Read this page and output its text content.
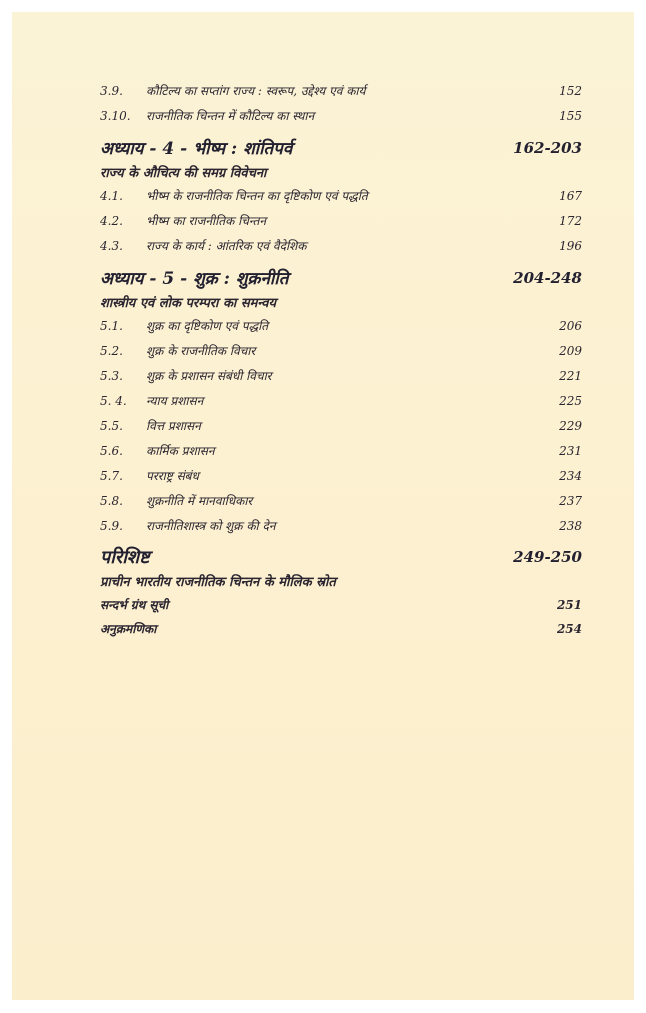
3.9.	कौटिल्य का सप्तांग राज्य : स्वरूप, उद्देश्य एवं कार्य	152
3.10.	राजनीतिक चिन्तन में कौटिल्य का स्थान	155
अध्याय - 4 - भीष्म : शांतिपर्व	162-203
राज्य के औचित्य की समग्र विवेचना
4.1.	भीष्म के राजनीतिक चिन्तन का दृष्टिकोण एवं पद्धति	167
4.2.	भीष्म का राजनीतिक चिन्तन	172
4.3.	राज्य के कार्य : आंतरिक एवं वैदेशिक	196
अध्याय - 5 - शुक्र : शुक्रनीति	204-248
शास्त्रीय एवं लोक परम्परा का समन्वय
5.1.	शुक्र का दृष्टिकोण एवं पद्धति	206
5.2.	शुक्र के राजनीतिक विचार	209
5.3.	शुक्र के प्रशासन संबंधी विचार	221
5. 4.	न्याय प्रशासन	225
5.5.	वित्त प्रशासन	229
5.6.	कार्मिक प्रशासन	231
5.7.	परराष्ट्र संबंध	234
5.8.	शुक्रनीति में मानवाधिकार	237
5.9.	राजनीतिशास्त्र को शुक्र की देन	238
परिशिष्ट	249-250
प्राचीन भारतीय राजनीतिक चिन्तन के मौलिक स्रोत
सन्दर्भ ग्रंथ सूची	251
अनुक्रमणिका	254
